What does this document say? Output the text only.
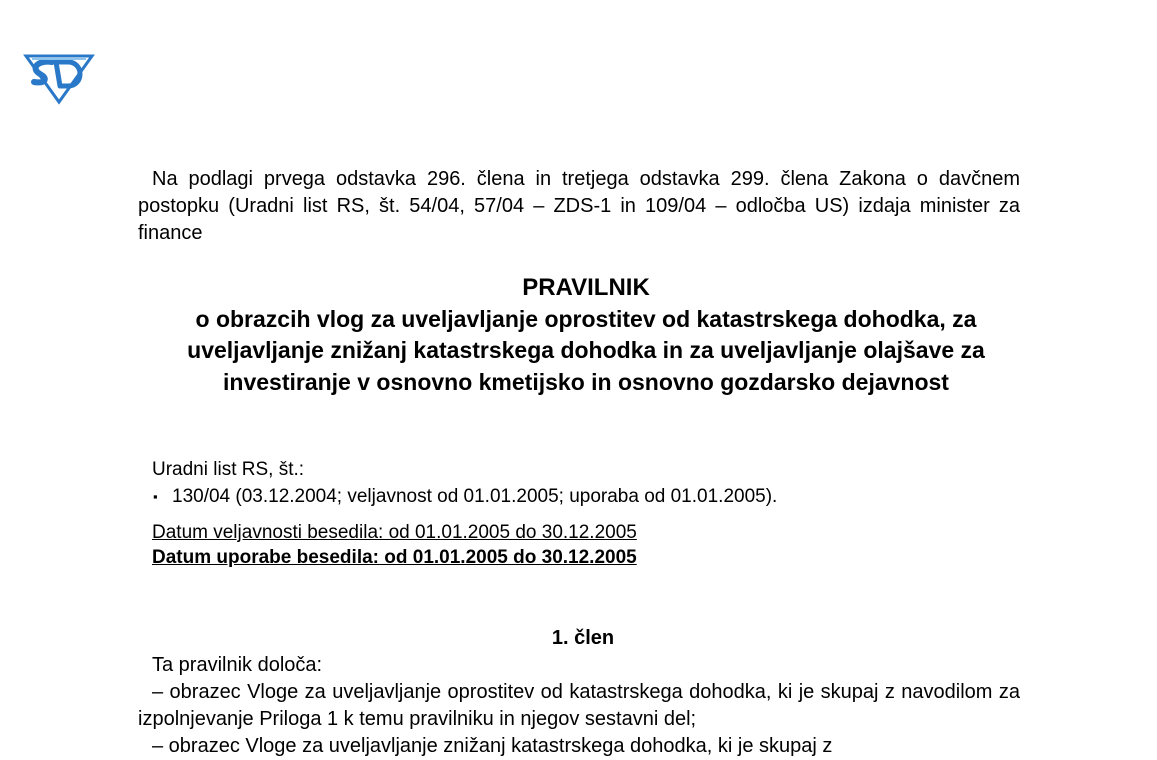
Na podlagi prvega odstavka 296. člena in tretjega odstavka 299. člena Zakona o davčnem postopku (Uradni list RS, št. 54/04, 57/04 – ZDS-1 in 109/04 – odločba US) izdaja minister za finance

PRAVILNIK
o obrazcih vlog za uveljavljanje oprostitev od katastrskega dohodka, za uveljavljanje znižanj katastrskega dohodka in za uveljavljanje olajšave za investiranje v osnovno kmetijsko in osnovno gozdarsko dejavnost
Uradni list RS, št.:
▪ 130/04 (03.12.2004; veljavnost od 01.01.2005; uporaba od 01.01.2005).
Datum veljavnosti besedila: od 01.01.2005 do 30.12.2005
Datum uporabe besedila: od 01.01.2005 do 30.12.2005
1. člen

Ta pravilnik določa:

– obrazec Vloge za uveljavljanje oprostitev od katastrskega dohodka, ki je skupaj z navodilom za izpolnjevanje Priloga 1 k temu pravilniku in njegov sestavni del;

– obrazec Vloge za uveljavljanje znižanj katastrskega dohodka, ki je skupaj z
